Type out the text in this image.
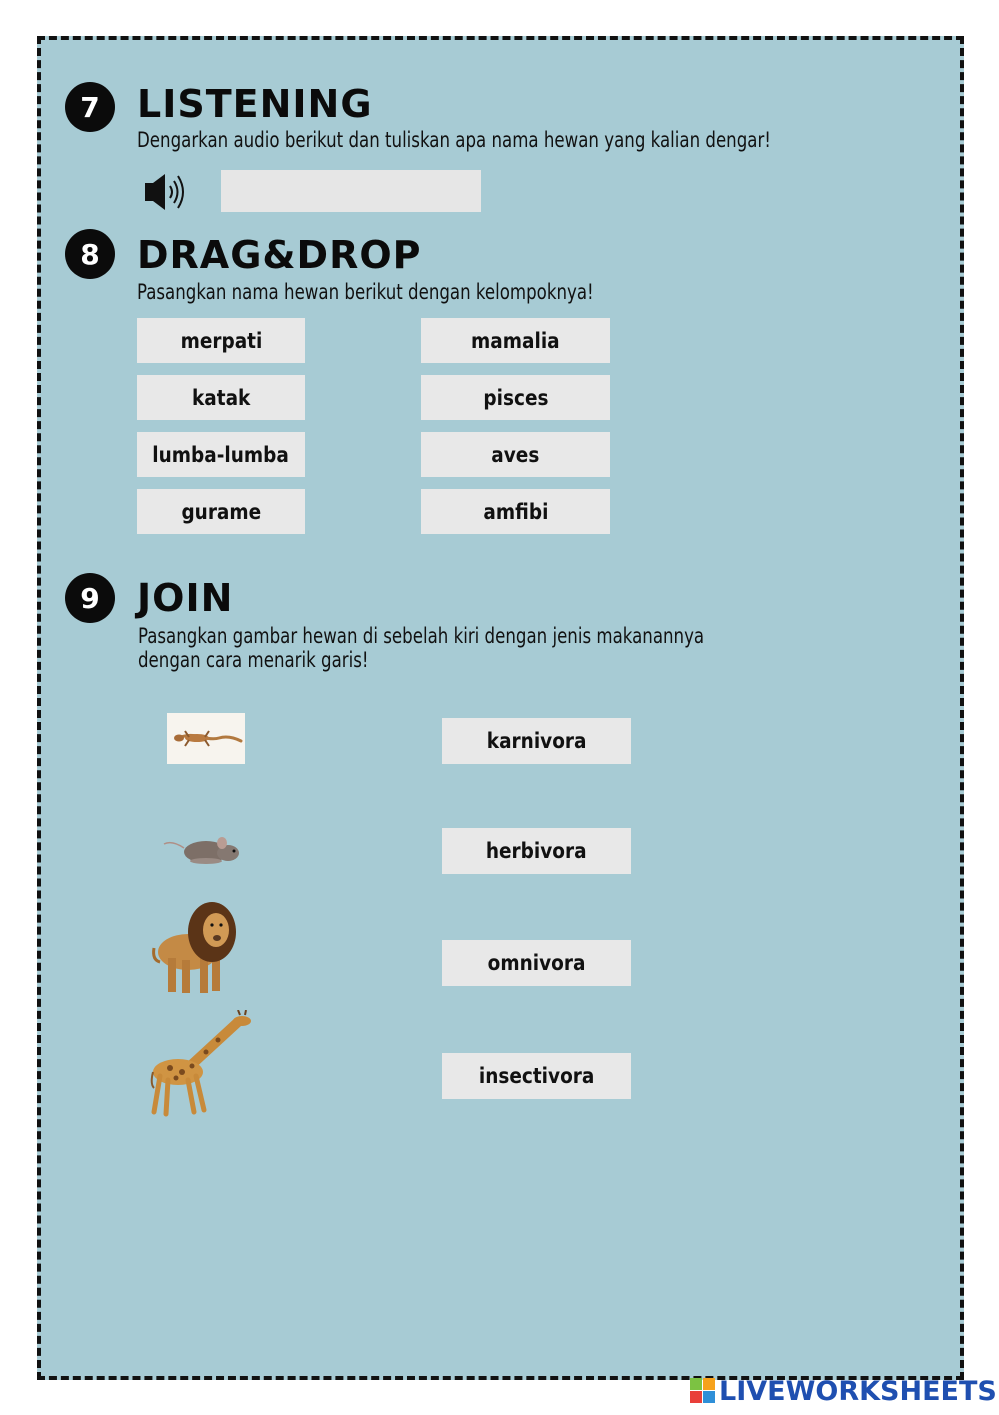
7 LISTENING
Dengarkan audio berikut dan tuliskan apa nama hewan yang kalian dengar!
8 DRAG&DROP
Pasangkan nama hewan berikut dengan kelompoknya!
merpati
katak
lumba-lumba
gurame
mamalia
pisces
aves
amfibi
9 JOIN
Pasangkan gambar hewan di sebelah kiri dengan jenis makanannya
dengan cara menarik garis!
karnivora
herbivora
omnivora
insectivora
LIVEWORKSHEETS
